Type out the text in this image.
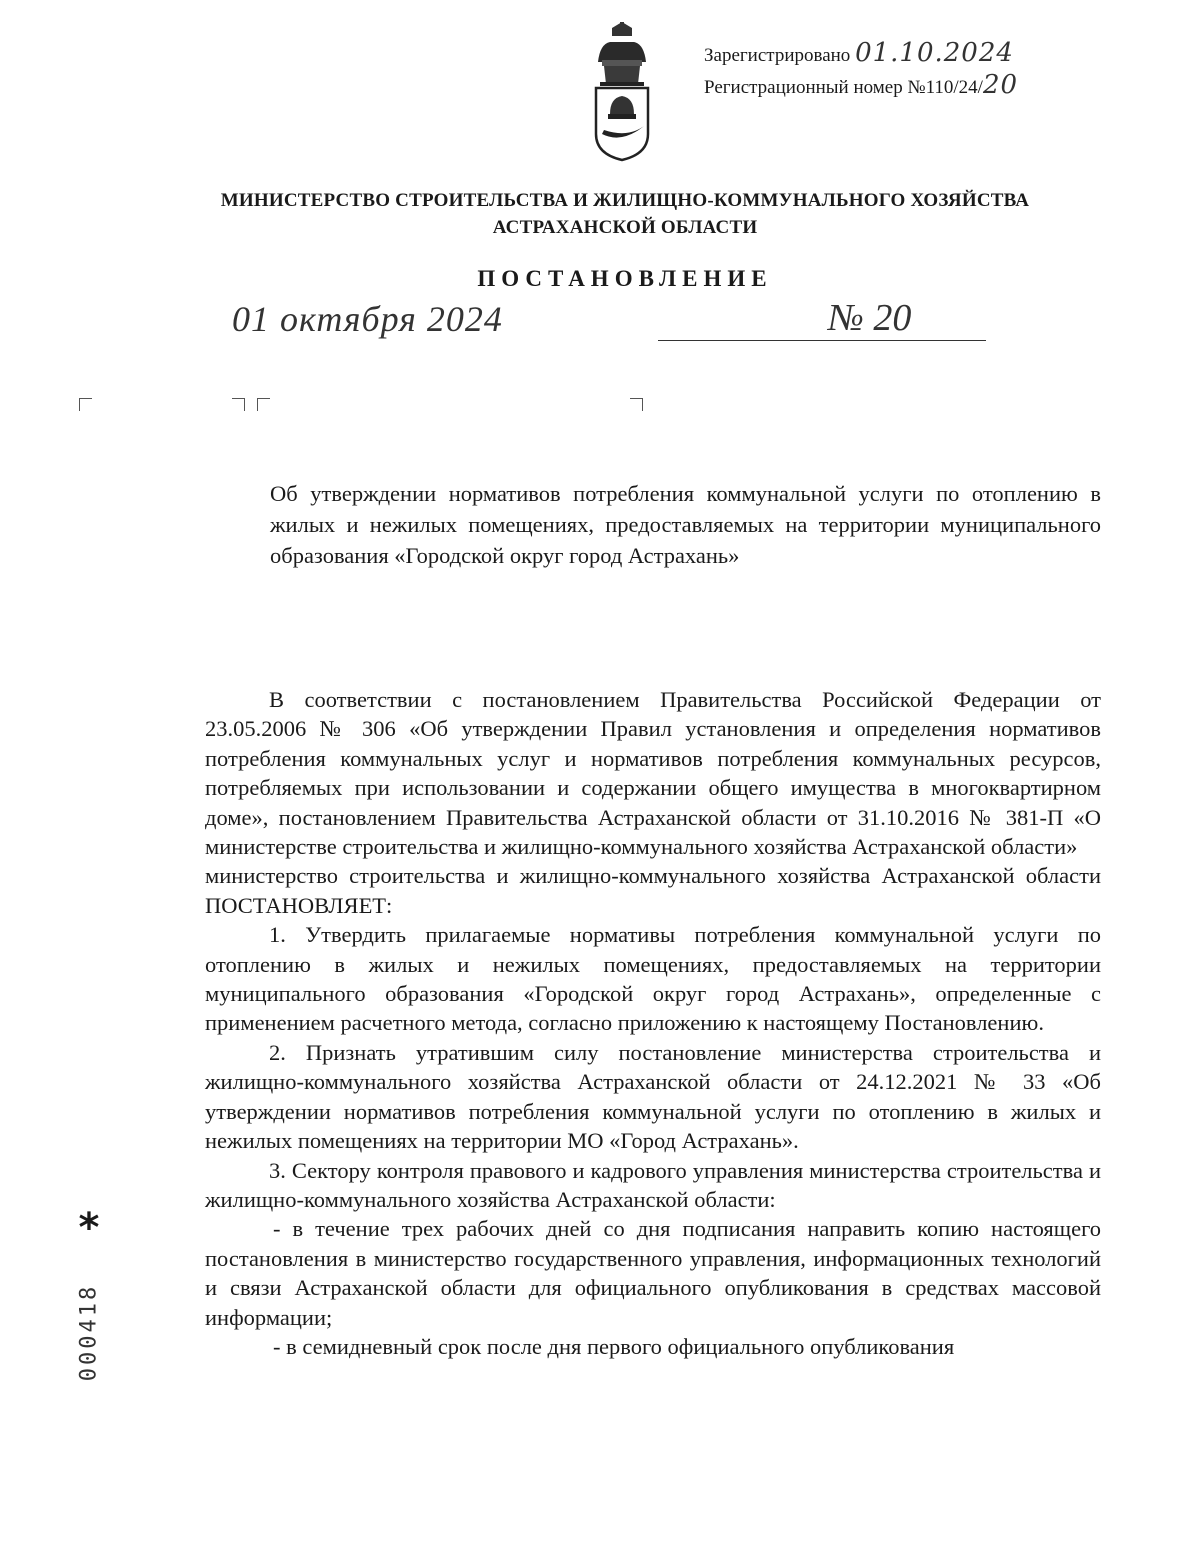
Зарегистрировано 01.10.2024
Регистрационный номер №110/24/20
МИНИСТЕРСТВО СТРОИТЕЛЬСТВА И ЖИЛИЩНО-КОММУНАЛЬНОГО ХОЗЯЙСТВА
АСТРАХАНСКОЙ ОБЛАСТИ
ПОСТАНОВЛЕНИЕ
01 октября 2024	№ 20
Об утверждении нормативов потребления коммунальной услуги по отоплению в жилых и нежилых помещениях, предоставляемых на территории муниципального образования «Городской округ город Астрахань»

В соответствии с постановлением Правительства Российской Федерации от 23.05.2006 № 306 «Об утверждении Правил установления и определения нормативов потребления коммунальных услуг и нормативов потребления коммунальных ресурсов, потребляемых при использовании и содержании общего имущества в многоквартирном доме», постановлением Правительства Астраханской области от 31.10.2016 № 381-П «О министерстве строительства и жилищно-коммунального хозяйства Астраханской области»

министерство строительства и жилищно-коммунального хозяйства Астраханской области ПОСТАНОВЛЯЕТ:

1. Утвердить прилагаемые нормативы потребления коммунальной услуги по отоплению в жилых и нежилых помещениях, предоставляемых на территории муниципального образования «Городской округ город Астрахань», определенные с применением расчетного метода, согласно приложению к настоящему Постановлению.

2. Признать утратившим силу постановление министерства строительства и жилищно-коммунального хозяйства Астраханской области от 24.12.2021 № 33 «Об утверждении нормативов потребления коммунальной услуги по отоплению в жилых и нежилых помещениях на территории МО «Город Астрахань».

3. Сектору контроля правового и кадрового управления министерства строительства и жилищно-коммунального хозяйства Астраханской области:

- в течение трех рабочих дней со дня подписания направить копию настоящего постановления в министерство государственного управления, информационных технологий и связи Астраханской области для официального опубликования в средствах массовой информации;

- в семидневный срок после дня первого официального опубликования

*
000418
